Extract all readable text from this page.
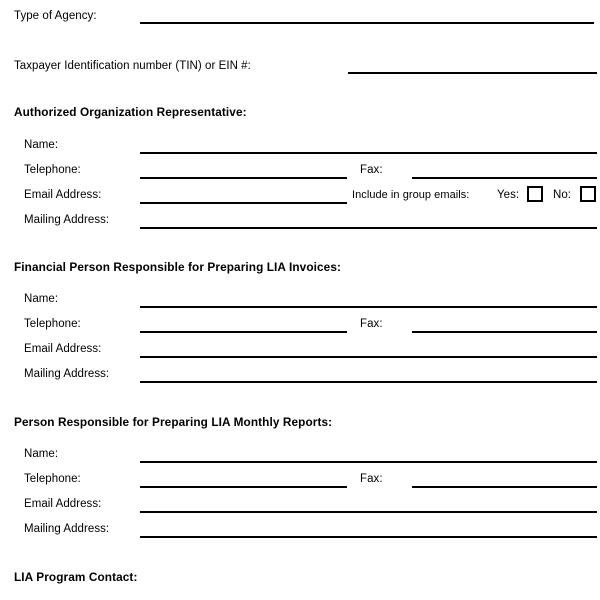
Type of Agency:
Taxpayer Identification number (TIN) or EIN #:
Authorized Organization Representative:
Name:
Telephone:	Fax:
Email Address:	Include in group emails: Yes:	No:
Mailing Address:
Financial Person Responsible for Preparing LIA Invoices:
Name:
Telephone:	Fax:
Email Address:
Mailing Address:
Person Responsible for Preparing LIA Monthly Reports:
Name:
Telephone:	Fax:
Email Address:
Mailing Address:
LIA Program Contact:
